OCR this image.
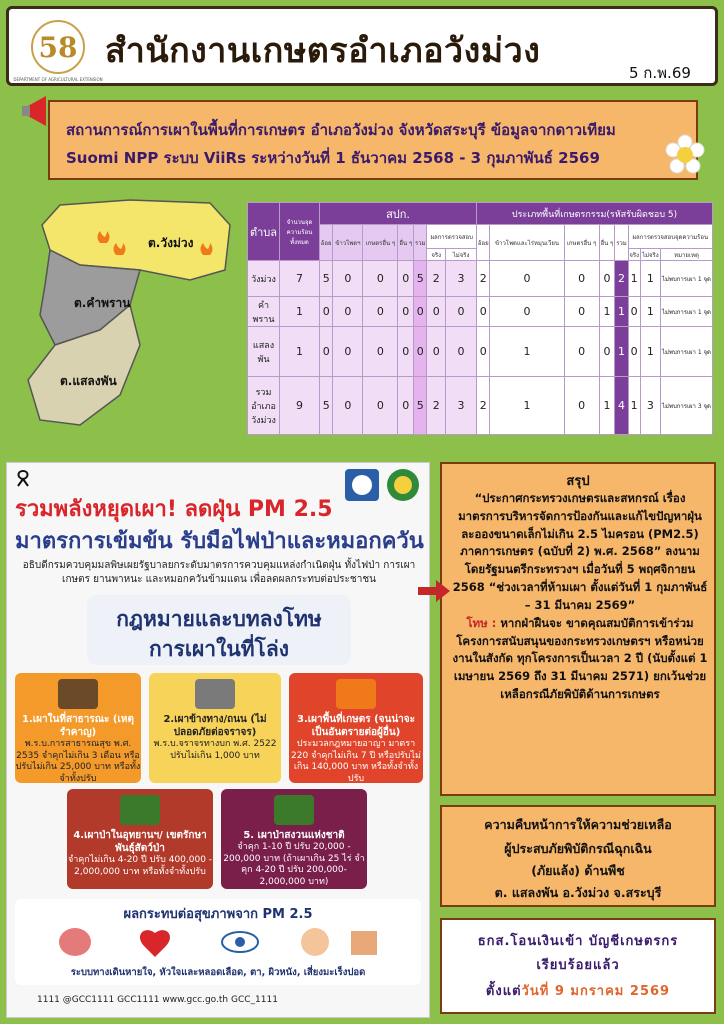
58
DEPARTMENT OF AGRICULTURAL EXTENSION
สำนักงานเกษตรอำเภอวังม่วง
5 ก.พ.69
สถานการณ์การเผาในพื้นที่การเกษตร อำเภอวังม่วง จังหวัดสระบุรี ข้อมูลจากดาวเทียม
Suomi NPP ระบบ ViiRs ระหว่างวันที่ 1 ธันวาคม 2568 - 3 กุมภาพันธ์ 2569
ต.วังม่วง
ต.คำพราน
ต.แสลงพัน
ตำบล	จำนวนจุดความร้อนทั้งหมด	สปก.							ประเภทพื้นที่เกษตรกรรม(รหัสรับผิดชอบ 5)							
		อ้อย	ข้าวโพดฯ	เกษตรอื่น ๆ	อื่น ๆ	รวม	ผลการตรวจสอบ		อ้อย	ข้าวโพดและไร่หมุนเวียน	เกษตรอื่น ๆ	อื่น ๆ	รวม	ผลการตรวจสอบจุดความร้อน		
							จริง	ไม่จริง						จริง	ไม่จริง	หมายเหตุ
วังม่วง	7	5	0	0	0	5	2	3	2	0	0	0	2	1	1	ไม่พบการเผา 1 จุด
คำพราน	1	0	0	0	0	0	0	0	0	0	0	1	1	0	1	ไม่พบการเผา 1 จุด
แสลงพัน	1	0	0	0	0	0	0	0	0	1	0	0	1	0	1	ไม่พบการเผา 1 จุด
รวมอำเภอวังม่วง	9	5	0	0	0	5	2	3	2	1	0	1	4	1	3	ไม่พบการเผา 3 จุด
รวมพลังหยุดเผา! ลดฝุ่น PM 2.5
มาตรการเข้มข้น รับมือไฟป่าและหมอกควัน
อธิบดีกรมควบคุมมลพิษเผยรัฐบาลยกระดับมาตรการควบคุมแหล่งกำเนิดฝุ่น ทั้งไฟป่า การเผาเกษตร ยานพาหนะ และหมอกควันข้ามแดน เพื่อลดผลกระทบต่อประชาชน
กฎหมายและบทลงโทษ
การเผาในที่โล่ง
1.เผาในที่สาธารณะ (เหตุรำคาญ)
พ.ร.บ.การสาธารณสุข พ.ศ. 2535 จำคุกไม่เกิน 3 เดือน หรือปรับไม่เกิน 25,000 บาท หรือทั้งจำทั้งปรับ
2.เผาข้างทาง/ถนน (ไม่ปลอดภัยต่อจราจร)
พ.ร.บ.จราจรทางบก พ.ศ. 2522 ปรับไม่เกิน 1,000 บาท
3.เผาพื้นที่เกษตร (จนน่าจะเป็นอันตรายต่อผู้อื่น)
ประมวลกฎหมายอาญา มาตรา 220 จำคุกไม่เกิน 7 ปี หรือปรับไม่เกิน 140,000 บาท หรือทั้งจำทั้งปรับ
4.เผาป่าในอุทยานฯ/ เขตรักษาพันธุ์สัตว์ป่า
จำคุกไม่เกิน 4-20 ปี ปรับ 400,000 - 2,000,000 บาท หรือทั้งจำทั้งปรับ
5. เผาป่าสงวนแห่งชาติ
จำคุก 1-10 ปี ปรับ 20,000 - 200,000 บาท (ถ้าเผาเกิน 25 ไร่ จำคุก 4-20 ปี ปรับ 200,000-2,000,000 บาท)
ผลกระทบต่อสุขภาพจาก PM 2.5
ระบบทางเดินหายใจ, หัวใจและหลอดเลือด, ตา, ผิวหนัง, เสี่ยงมะเร็งปอด
1111 @GCC1111 GCC1111 www.gcc.go.th GCC_1111
สรุป
“ประกาศกระทรวงเกษตรและสหกรณ์ เรื่อง มาตรการบริหารจัดการป้องกันและแก้ไขปัญหาฝุ่นละอองขนาดเล็กไม่เกิน 2.5 ไมครอน (PM2.5) ภาคการเกษตร (ฉบับที่ 2) พ.ศ. 2568” ลงนามโดยรัฐมนตรีกระทรวงฯ เมื่อวันที่ 5 พฤศจิกายน 2568 “ช่วงเวลาที่ห้ามเผา ตั้งแต่วันที่ 1 กุมภาพันธ์ – 31 มีนาคม 2569”
โทษ : หากฝ่าฝืนจะ ขาดคุณสมบัติการเข้าร่วมโครงการสนับสนุนของกระทรวงเกษตรฯ หรือหน่วยงานในสังกัด ทุกโครงการเป็นเวลา 2 ปี (นับตั้งแต่ 1 เมษายน 2569 ถึง 31 มีนาคม 2571) ยกเว้นช่วยเหลือกรณีภัยพิบัติด้านการเกษตร
ความคืบหน้าการให้ความช่วยเหลือ
ผู้ประสบภัยพิบัติกรณีฉุกเฉิน
(ภัยแล้ง) ด้านพืช
ต. แสลงพัน อ.วังม่วง จ.สระบุรี
ธกส.โอนเงินเข้า บัญชีเกษตรกร
เรียบร้อยแล้ว
ตั้งแต่วันที่ 9 มกราคม 2569
